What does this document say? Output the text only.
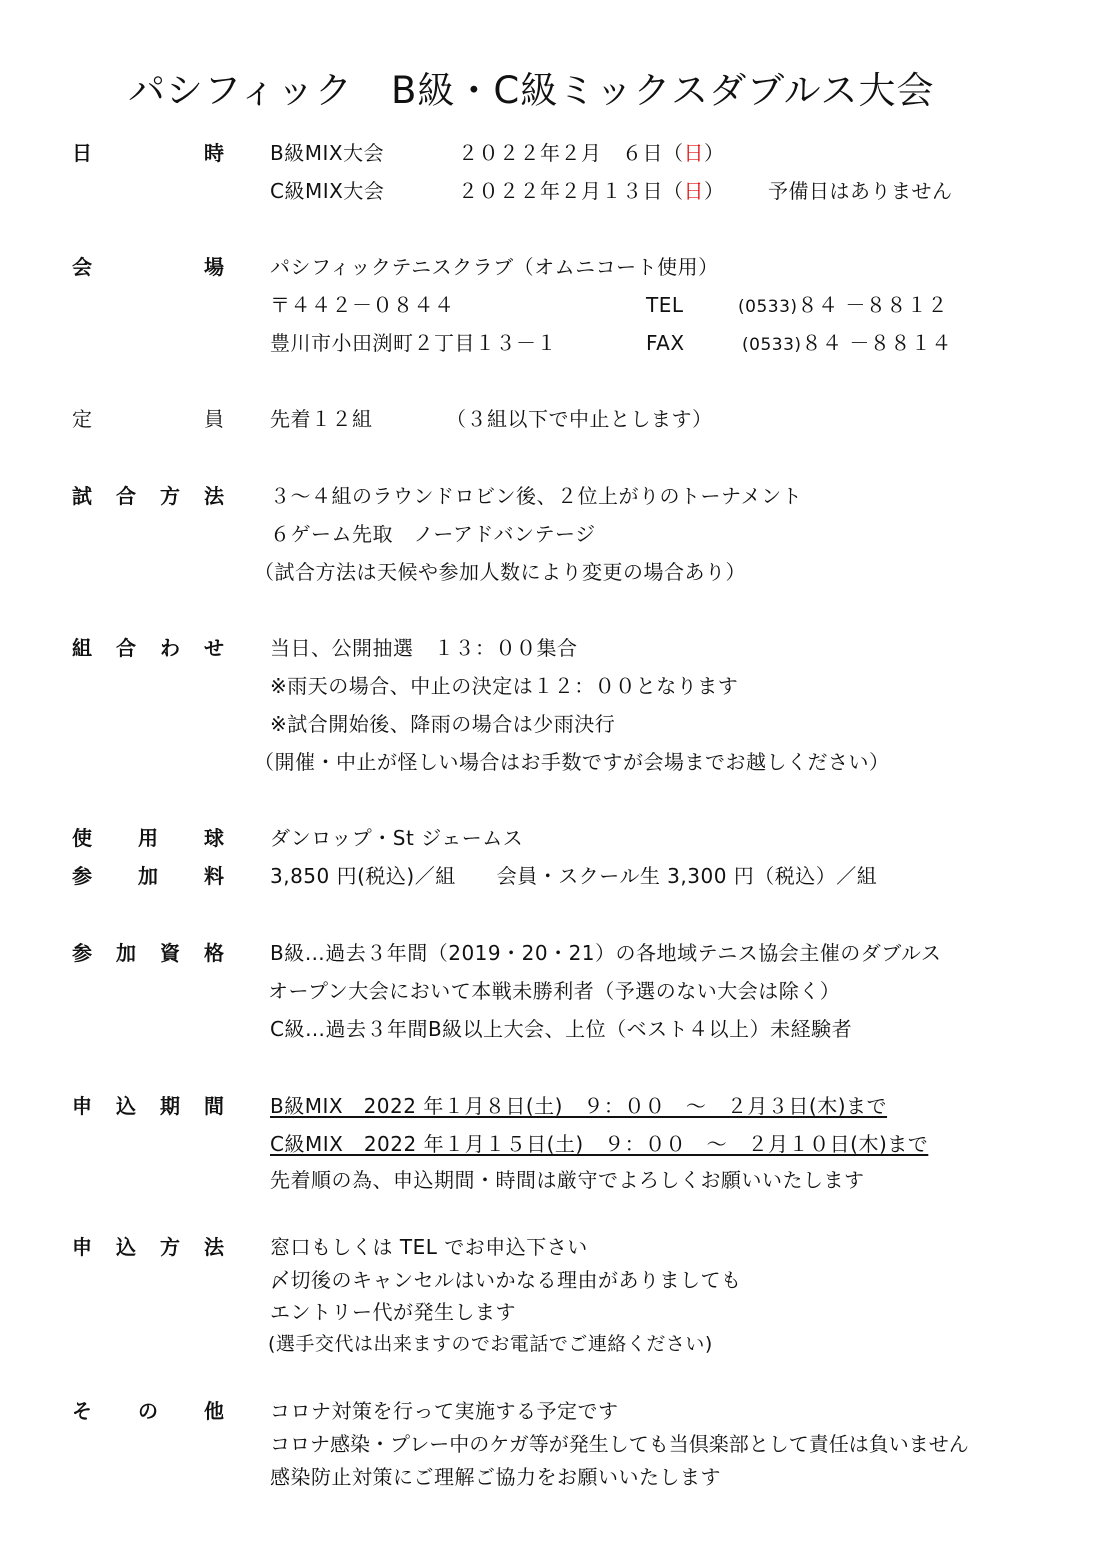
パシフィック　B級・C級ミックスダブルス大会
日	時 B級MIX大会	２０２２年２月　６日（日）
C級MIX大会	２０２２年２月１３日（日） 予備日はありません
会	場 パシフィックテニスクラブ（オムニコート使用）
〒４４２－０８４４	TEL	(0533)８４ －８８１２
豊川市小田渕町２丁目１３－１	FAX	(0533)８４ －８８１４
定	員 先着１２組	（３組以下で中止とします）
試 合 方 法 ３～４組のラウンドロビン後、２位上がりのトーナメント
６ゲーム先取　ノーアドバンテージ
（試合方法は天候や参加人数により変更の場合あり）
組 合 わ せ 当日、公開抽選　１３：００集合
※雨天の場合、中止の決定は１２：００となります
※試合開始後、降雨の場合は少雨決行
（開催・中止が怪しい場合はお手数ですが会場までお越しください）
使 用 球 ダンロップ・St ジェームス
参 加 料 3,850 円(税込)／組　　会員・スクール生 3,300 円（税込）／組
参 加 資 格 B級…過去３年間（2019・20・21）の各地域テニス協会主催のダブルス
オープン大会において本戦未勝利者（予選のない大会は除く）
C級…過去３年間B級以上大会、上位（ベスト４以上）未経験者
申 込 期 間 B級MIX　2022 年１月８日(土)　９：００　～　２月３日(木)まで
C級MIX　2022 年１月１５日(土)　９：００　～　２月１０日(木)まで
先着順の為、申込期間・時間は厳守でよろしくお願いいたします
申 込 方 法 窓口もしくは TEL でお申込下さい
〆切後のキャンセルはいかなる理由がありましても
エントリー代が発生します
(選手交代は出来ますのでお電話でご連絡ください)
そ の 他 コロナ対策を行って実施する予定です
コロナ感染・プレー中のケガ等が発生しても当倶楽部として責任は負いません
感染防止対策にご理解ご協力をお願いいたします
